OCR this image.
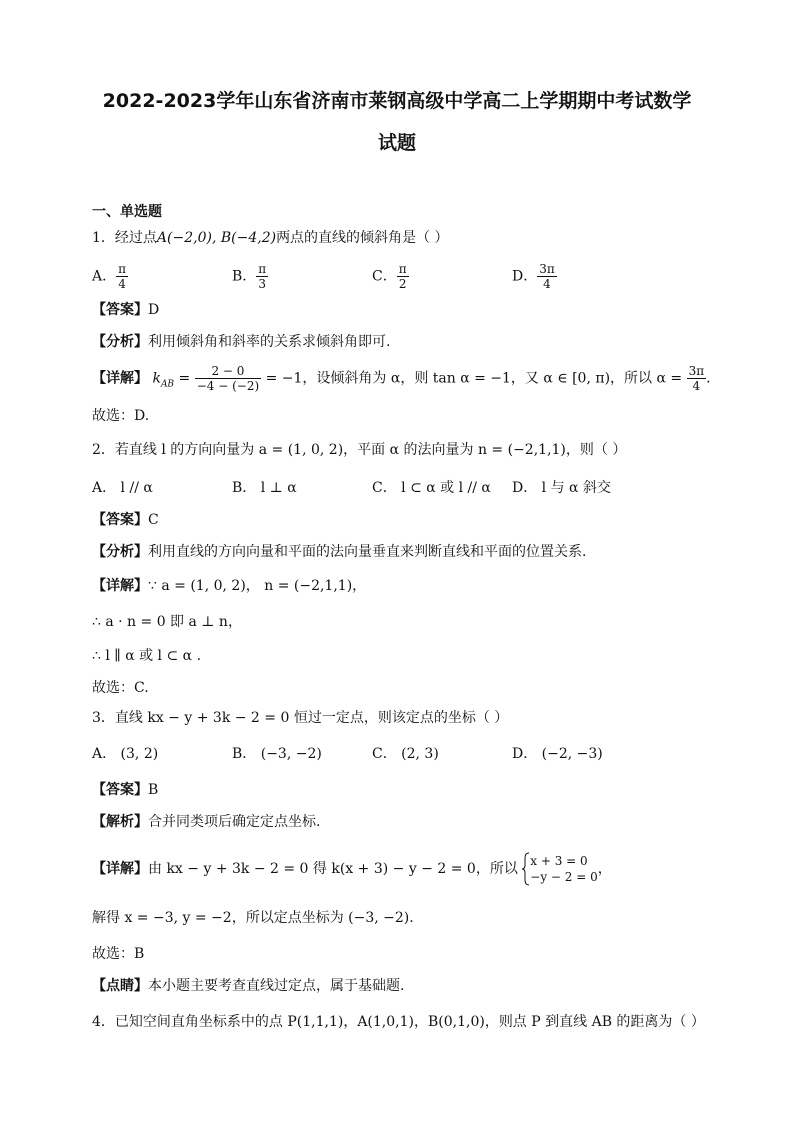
2022-2023学年山东省济南市莱钢高级中学高二上学期期中考试数学
试题
一、单选题
1．经过点A(−2,0), B(−4,2)两点的直线的倾斜角是（ ）
A． $\frac{\pi}{4}$	B． $\frac{\pi}{3}$	C． $\frac{\pi}{2}$	D． $\frac{3\pi}{4}$
【答案】D
【分析】利用倾斜角和斜率的关系求倾斜角即可.
【详解】 $k_{AB} = \frac{2 - 0}{-4 - (-2)} = -1$，设倾斜角为 α，则 tan α = −1，又 α ∈ [0, π)，所以 $\alpha = \frac{3\pi}{4}$ .
故选：D.
2．若直线 l 的方向向量为 a = (1, 0, 2)，平面 α 的法向量为 n = (−2,1,1)，则（ ）
A． l // α	B． l ⊥ α	C． l ⊂ α 或 l // α D． l 与 α 斜交
【答案】C
【分析】利用直线的方向向量和平面的法向量垂直来判断直线和平面的位置关系.
【详解】∵ a = (1, 0, 2)， n = (−2,1,1)，
∴ a · n = 0 即 a ⊥ n，
∴ l ∥ α 或 l ⊂ α .
故选：C.
3．直线 kx − y + 3k − 2 = 0 恒过一定点，则该定点的坐标（ ）
A． (3, 2)	B． (−3, −2)	C． (2, 3)	D． (−2, −3)
【答案】B
【解析】合并同类项后确定定点坐标.
【详解】由 kx − y + 3k − 2 = 0 得 k(x + 3) − y − 2 = 0，所以 x + 3 = 0
−y − 2 = 0 ，
解得 x = −3, y = −2，所以定点坐标为 (−3, −2).
故选：B
【点睛】本小题主要考查直线过定点，属于基础题.
4．已知空间直角坐标系中的点 P(1,1,1)，A(1,0,1)，B(0,1,0)，则点 P 到直线 AB 的距离为（ ）
